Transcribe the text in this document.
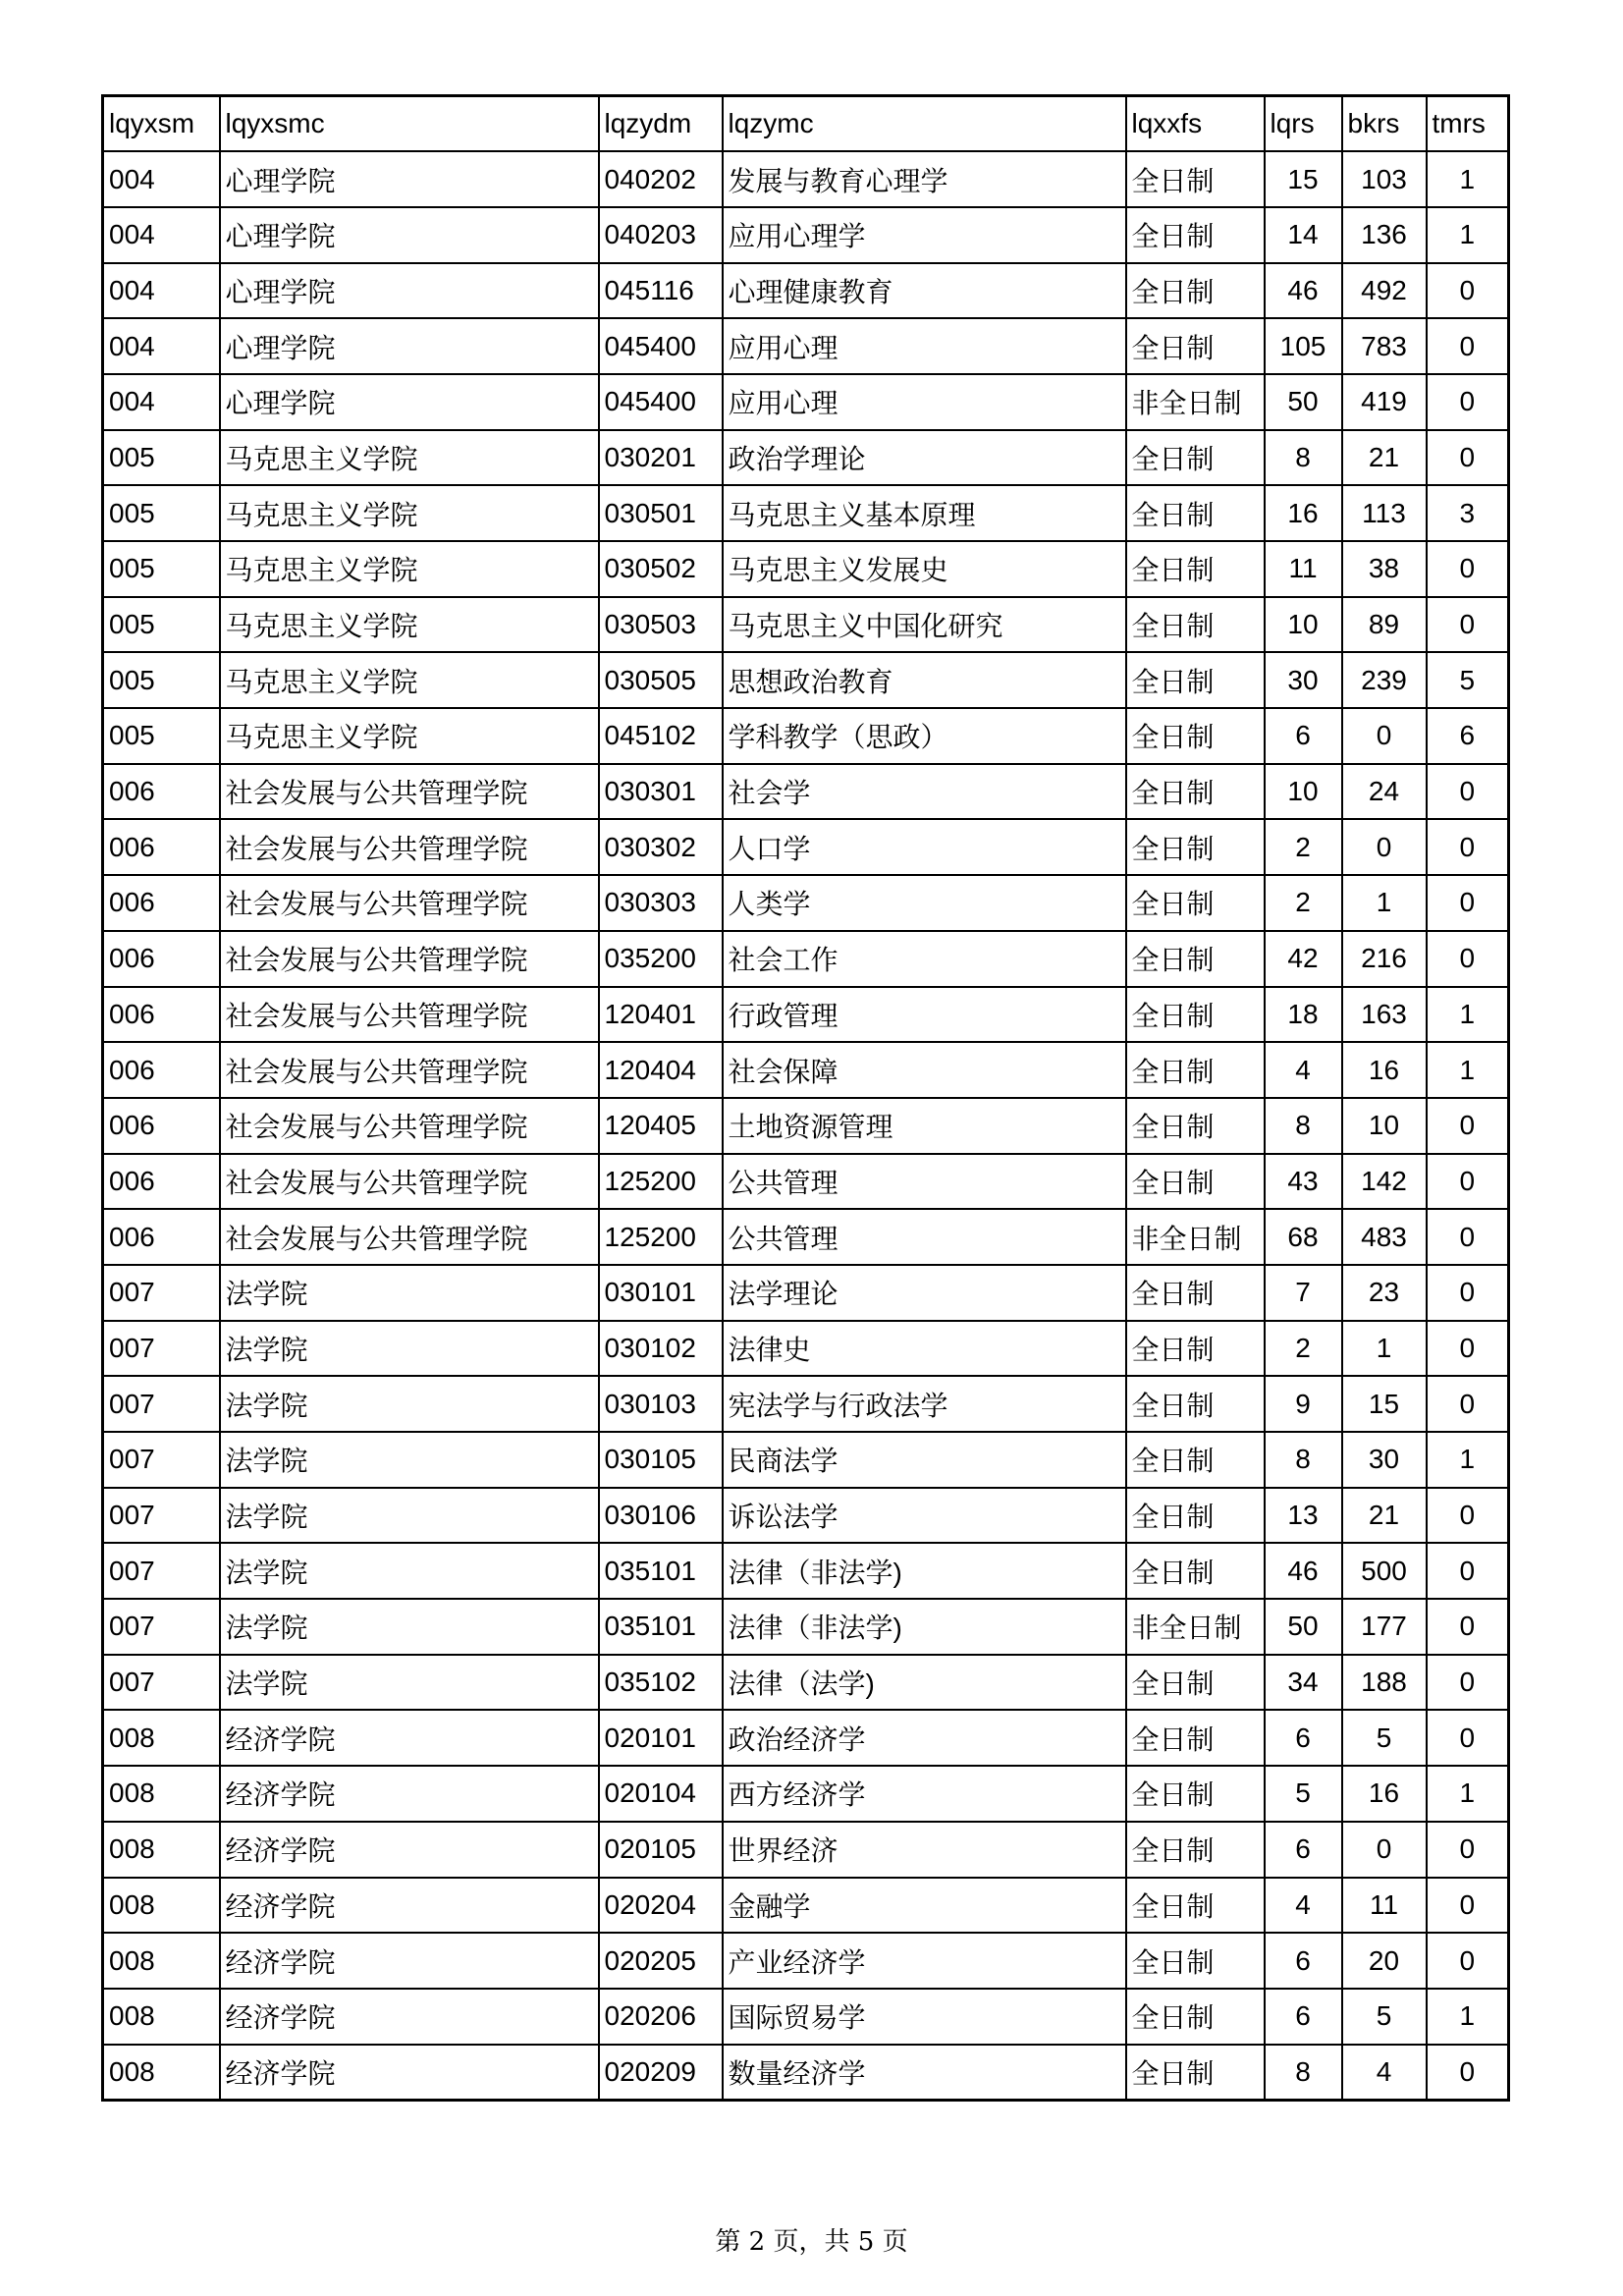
lqyxsm	lqyxsmc	lqzydm	lqzymc	lqxxfs	lqrs	bkrs	tmrs
004	心理学院	040202	发展与教育心理学	全日制	15	103	1
004	心理学院	040203	应用心理学	全日制	14	136	1
004	心理学院	045116	心理健康教育	全日制	46	492	0
004	心理学院	045400	应用心理	全日制	105	783	0
004	心理学院	045400	应用心理	非全日制	50	419	0
005	马克思主义学院	030201	政治学理论	全日制	8	21	0
005	马克思主义学院	030501	马克思主义基本原理	全日制	16	113	3
005	马克思主义学院	030502	马克思主义发展史	全日制	11	38	0
005	马克思主义学院	030503	马克思主义中国化研究	全日制	10	89	0
005	马克思主义学院	030505	思想政治教育	全日制	30	239	5
005	马克思主义学院	045102	学科教学（思政）	全日制	6	0	6
006	社会发展与公共管理学院	030301	社会学	全日制	10	24	0
006	社会发展与公共管理学院	030302	人口学	全日制	2	0	0
006	社会发展与公共管理学院	030303	人类学	全日制	2	1	0
006	社会发展与公共管理学院	035200	社会工作	全日制	42	216	0
006	社会发展与公共管理学院	120401	行政管理	全日制	18	163	1
006	社会发展与公共管理学院	120404	社会保障	全日制	4	16	1
006	社会发展与公共管理学院	120405	土地资源管理	全日制	8	10	0
006	社会发展与公共管理学院	125200	公共管理	全日制	43	142	0
006	社会发展与公共管理学院	125200	公共管理	非全日制	68	483	0
007	法学院	030101	法学理论	全日制	7	23	0
007	法学院	030102	法律史	全日制	2	1	0
007	法学院	030103	宪法学与行政法学	全日制	9	15	0
007	法学院	030105	民商法学	全日制	8	30	1
007	法学院	030106	诉讼法学	全日制	13	21	0
007	法学院	035101	法律（非法学)	全日制	46	500	0
007	法学院	035101	法律（非法学)	非全日制	50	177	0
007	法学院	035102	法律（法学)	全日制	34	188	0
008	经济学院	020101	政治经济学	全日制	6	5	0
008	经济学院	020104	西方经济学	全日制	5	16	1
008	经济学院	020105	世界经济	全日制	6	0	0
008	经济学院	020204	金融学	全日制	4	11	0
008	经济学院	020205	产业经济学	全日制	6	20	0
008	经济学院	020206	国际贸易学	全日制	6	5	1
008	经济学院	020209	数量经济学	全日制	8	4	0
第 2 页，共 5 页
